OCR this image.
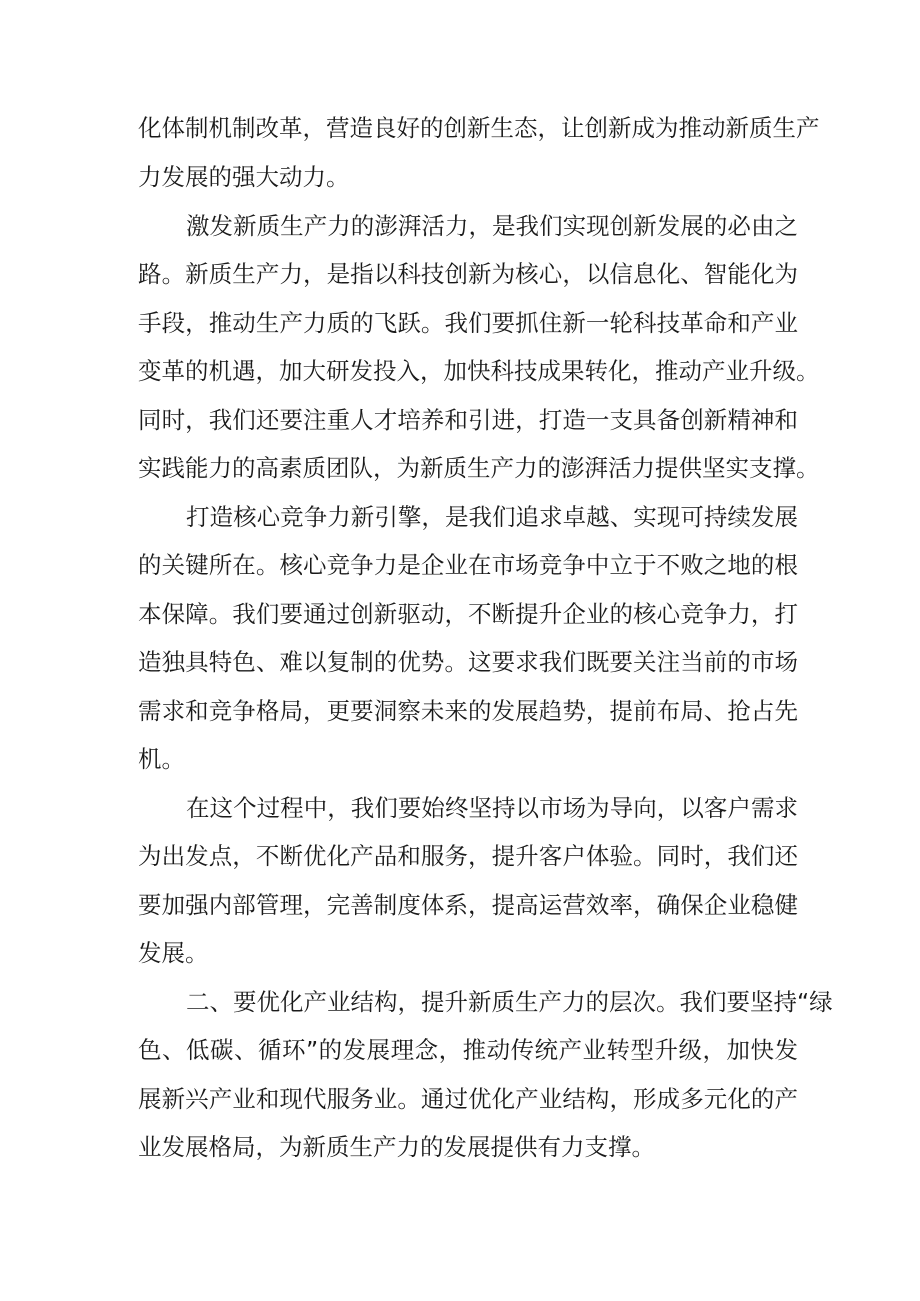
化体制机制改革，营造良好的创新生态，让创新成为推动新质生产
力发展的强大动力。
激发新质生产力的澎湃活力，是我们实现创新发展的必由之
路。新质生产力，是指以科技创新为核心，以信息化、智能化为
手段，推动生产力质的飞跃。我们要抓住新一轮科技革命和产业
变革的机遇，加大研发投入，加快科技成果转化，推动产业升级。
同时，我们还要注重人才培养和引进，打造一支具备创新精神和
实践能力的高素质团队，为新质生产力的澎湃活力提供坚实支撑。
打造核心竞争力新引擎，是我们追求卓越、实现可持续发展
的关键所在。核心竞争力是企业在市场竞争中立于不败之地的根
本保障。我们要通过创新驱动，不断提升企业的核心竞争力，打
造独具特色、难以复制的优势。这要求我们既要关注当前的市场
需求和竞争格局，更要洞察未来的发展趋势，提前布局、抢占先
机。
在这个过程中，我们要始终坚持以市场为导向，以客户需求
为出发点，不断优化产品和服务，提升客户体验。同时，我们还
要加强内部管理，完善制度体系，提高运营效率，确保企业稳健
发展。
二、要优化产业结构，提升新质生产力的层次。我们要坚持“绿
色、低碳、循环”的发展理念，推动传统产业转型升级，加快发
展新兴产业和现代服务业。通过优化产业结构，形成多元化的产
业发展格局，为新质生产力的发展提供有力支撑。
